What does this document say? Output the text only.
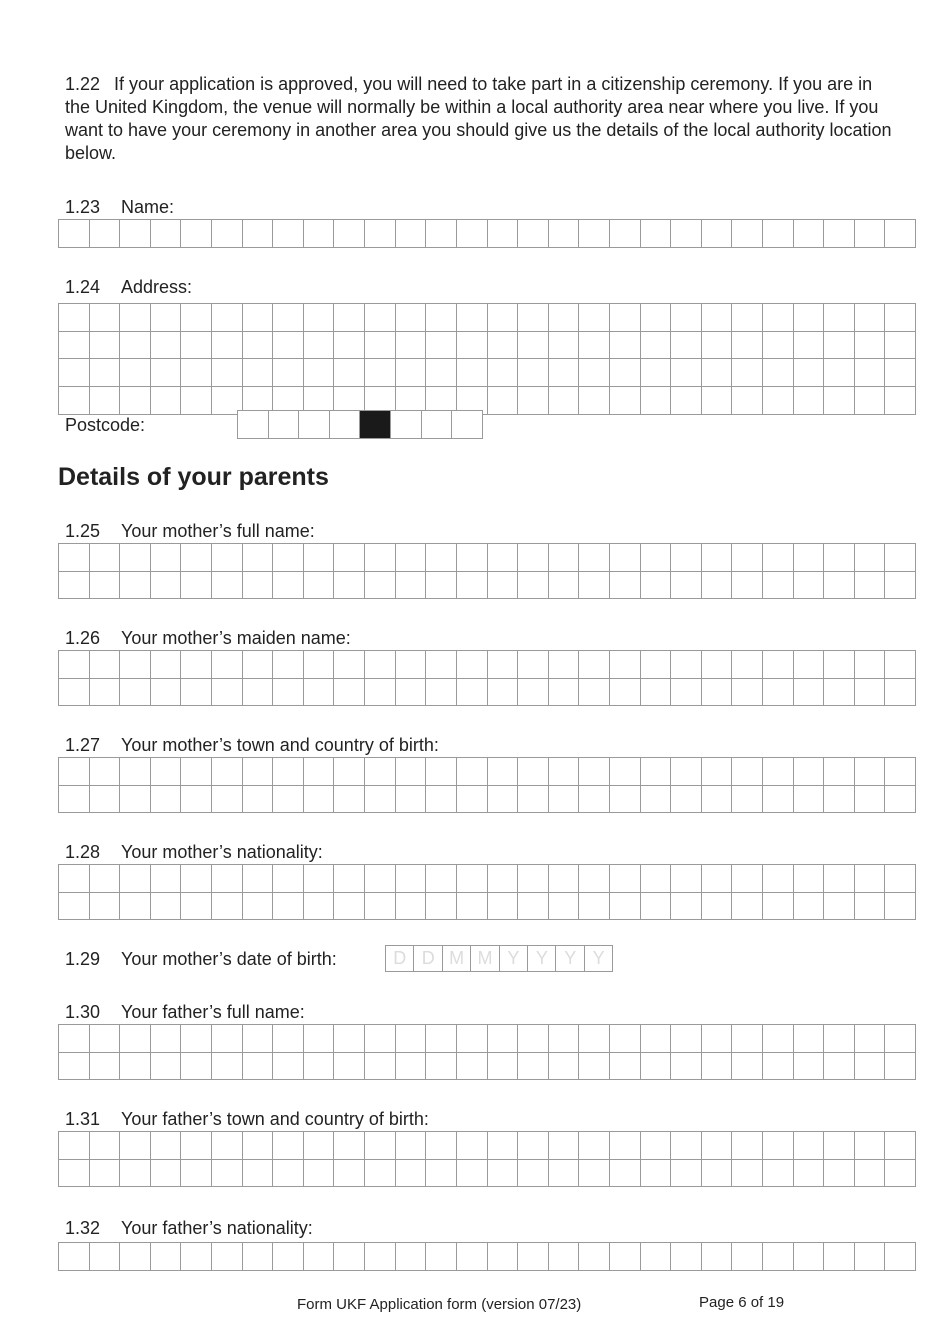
1.22 If your application is approved, you will need to take part in a citizenship ceremony. If you are in the United Kingdom, the venue will normally be within a local authority area near where you live. If you want to have your ceremony in another area you should give us the details of the local authority location below.
1.23 Name:
1.24 Address:
Postcode:
Details of your parents
1.25 Your mother’s full name:
1.26 Your mother’s maiden name:
1.27 Your mother’s town and country of birth:
1.28 Your mother’s nationality:
1.29 Your mother’s date of birth:	D D M M Y Y Y Y
1.30 Your father’s full name:
1.31 Your father’s town and country of birth:
1.32 Your father’s nationality:
Form UKF Application form (version 07/23)	Page 6 of 19
